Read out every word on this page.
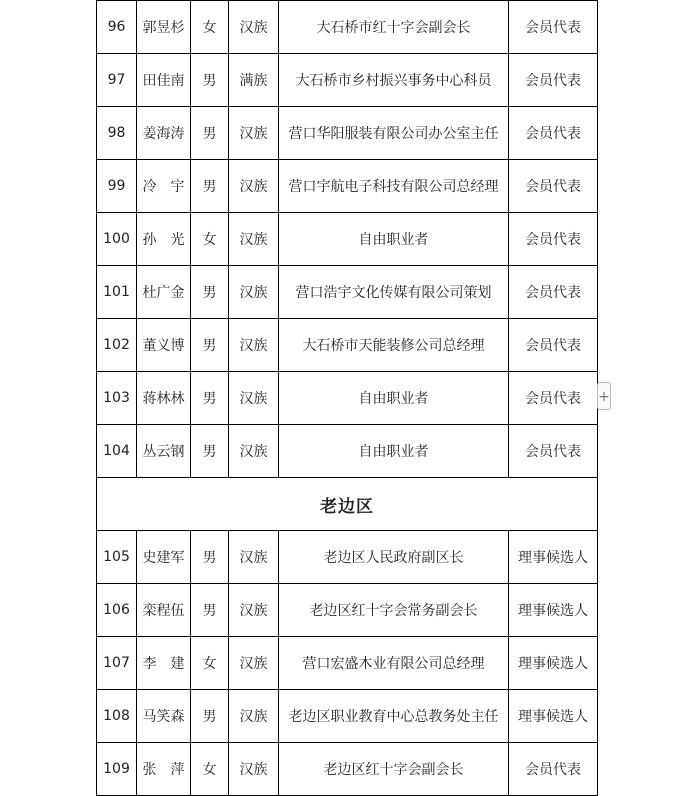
96	郭昱杉	女	汉族	大石桥市红十字会副会长	会员代表
97	田佳南	男	满族	大石桥市乡村振兴事务中心科员	会员代表
98	姜海涛	男	汉族	营口华阳服装有限公司办公室主任	会员代表
99	冷　宇	男	汉族	营口宇航电子科技有限公司总经理	会员代表
100	孙　光	女	汉族	自由职业者	会员代表
101	杜广金	男	汉族	营口浩宇文化传媒有限公司策划	会员代表
102	董义博	男	汉族	大石桥市天能装修公司总经理	会员代表
103	蒋林林	男	汉族	自由职业者	会员代表
104	丛云钢	男	汉族	自由职业者	会员代表
老边区					
105	史建军	男	汉族	老边区人民政府副区长	理事候选人
106	栾程伍	男	汉族	老边区红十字会常务副会长	理事候选人
107	李　建	女	汉族	营口宏盛木业有限公司总经理	理事候选人
108	马笑森	男	汉族	老边区职业教育中心总教务处主任	理事候选人
109	张　萍	女	汉族	老边区红十字会副会长	会员代表
+
